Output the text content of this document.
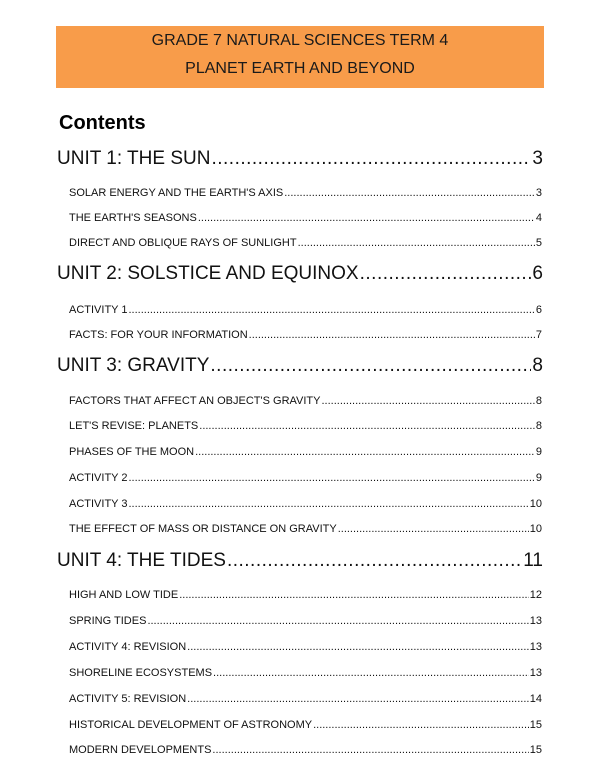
GRADE 7 NATURAL SCIENCES TERM 4
PLANET EARTH AND BEYOND
Contents
UNIT 1: THE SUN .....	3
SOLAR ENERGY AND THE EARTH'S AXIS .....	3
THE EARTH'S SEASONS .....	4
DIRECT AND OBLIQUE RAYS OF SUNLIGHT .....	5
UNIT 2: SOLSTICE AND EQUINOX .....	6
ACTIVITY 1 .....	6
FACTS: FOR YOUR INFORMATION .....	7
UNIT 3: GRAVITY .....	8
FACTORS THAT AFFECT AN OBJECT'S GRAVITY .....	8
LET'S REVISE: PLANETS .....	8
PHASES OF THE MOON .....	9
ACTIVITY 2 .....	9
ACTIVITY 3 .....	10
THE EFFECT OF MASS OR DISTANCE ON GRAVITY .....	10
UNIT 4: THE TIDES .....	11
HIGH AND LOW TIDE .....	12
SPRING TIDES .....	13
ACTIVITY 4: REVISION .....	13
SHORELINE ECOSYSTEMS .....	13
ACTIVITY 5: REVISION .....	14
HISTORICAL DEVELOPMENT OF ASTRONOMY .....	15
MODERN DEVELOPMENTS .....	15
